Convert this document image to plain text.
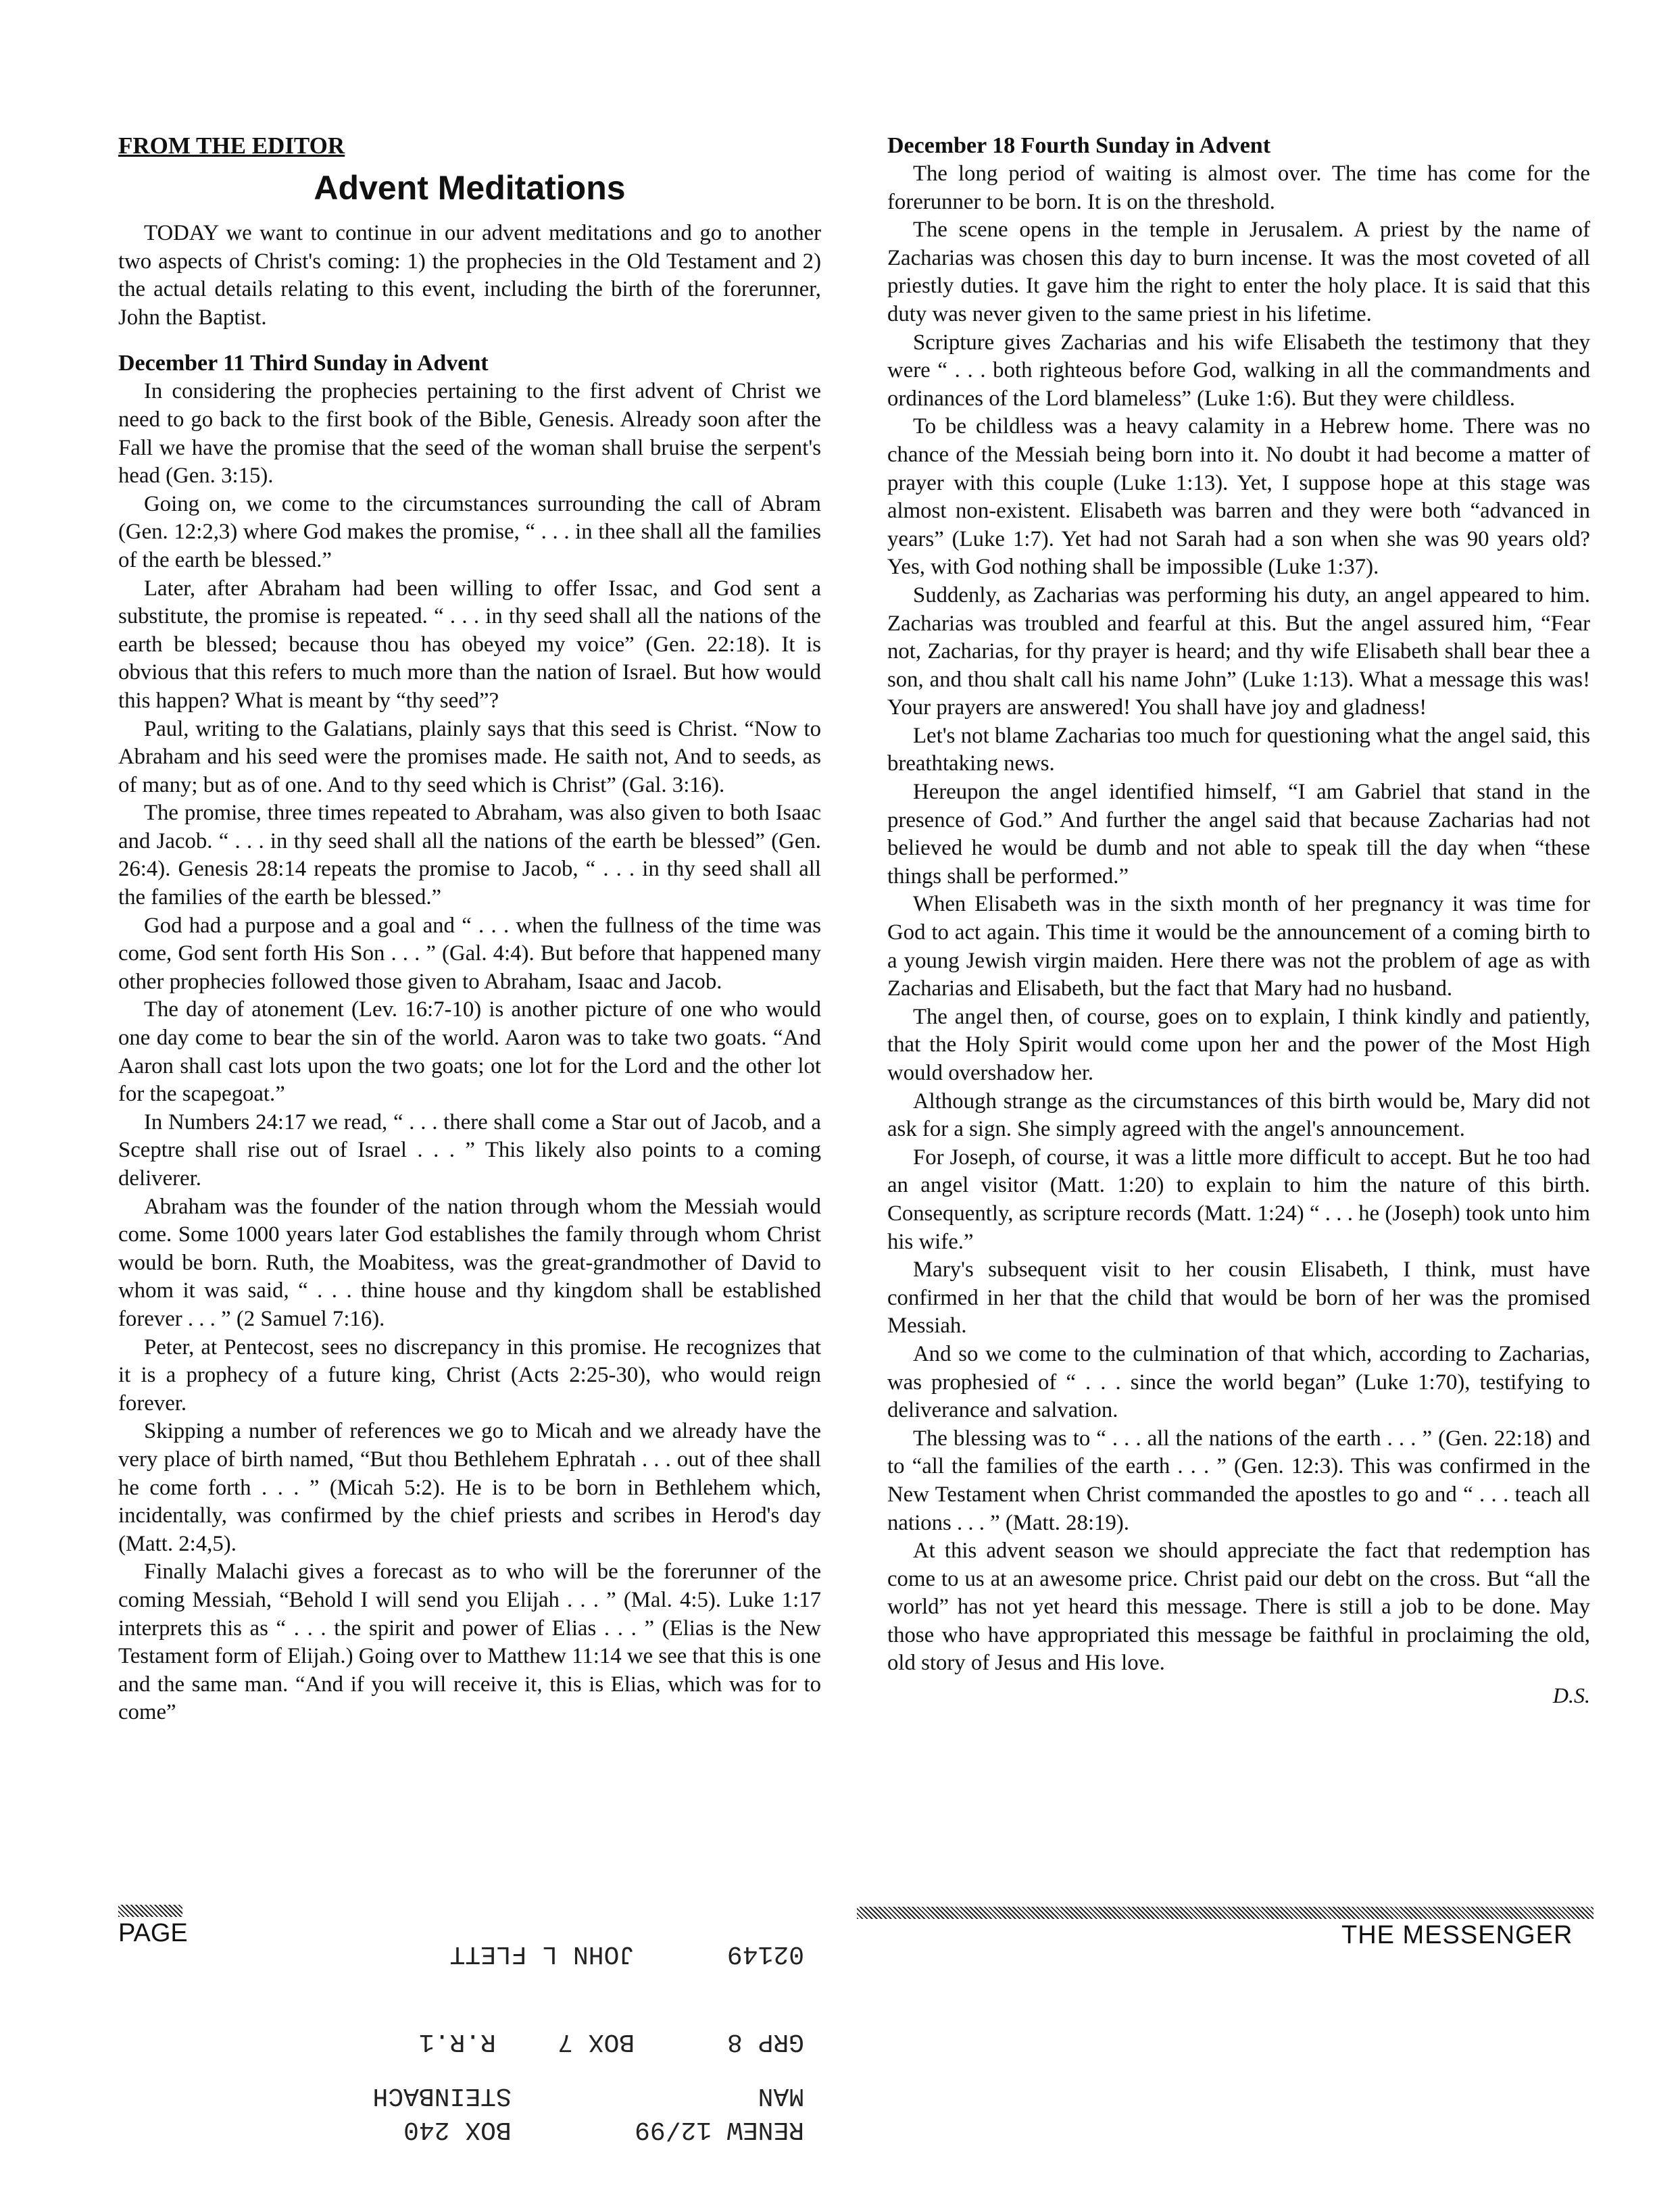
FROM THE EDITOR
Advent Meditations

TODAY we want to continue in our advent meditations and go to another two aspects of Christ's coming: 1) the prophecies in the Old Testament and 2) the actual details relating to this event, including the birth of the forerunner, John the Baptist.

December 11 Third Sunday in Advent

In considering the prophecies pertaining to the first advent of Christ we need to go back to the first book of the Bible, Genesis. Already soon after the Fall we have the promise that the seed of the woman shall bruise the serpent's head (Gen. 3:15).

Going on, we come to the circumstances surrounding the call of Abram (Gen. 12:2,3) where God makes the promise, “ . . . in thee shall all the families of the earth be blessed.”

Later, after Abraham had been willing to offer Issac, and God sent a substitute, the promise is repeated. “ . . . in thy seed shall all the nations of the earth be blessed; because thou has obeyed my voice” (Gen. 22:18). It is obvious that this refers to much more than the nation of Israel. But how would this happen? What is meant by “thy seed”?

Paul, writing to the Galatians, plainly says that this seed is Christ. “Now to Abraham and his seed were the promises made. He saith not, And to seeds, as of many; but as of one. And to thy seed which is Christ” (Gal. 3:16).

The promise, three times repeated to Abraham, was also given to both Isaac and Jacob. “ . . . in thy seed shall all the nations of the earth be blessed” (Gen. 26:4). Genesis 28:14 repeats the promise to Jacob, “ . . . in thy seed shall all the families of the earth be blessed.”

God had a purpose and a goal and “ . . . when the fullness of the time was come, God sent forth His Son . . . ” (Gal. 4:4). But before that happened many other prophecies followed those given to Abraham, Isaac and Jacob.

The day of atonement (Lev. 16:7-10) is another picture of one who would one day come to bear the sin of the world. Aaron was to take two goats. “And Aaron shall cast lots upon the two goats; one lot for the Lord and the other lot for the scapegoat.”

In Numbers 24:17 we read, “ . . . there shall come a Star out of Jacob, and a Sceptre shall rise out of Israel . . . ” This likely also points to a coming deliverer.

Abraham was the founder of the nation through whom the Messiah would come. Some 1000 years later God establishes the family through whom Christ would be born. Ruth, the Moabitess, was the great-grandmother of David to whom it was said, “ . . . thine house and thy kingdom shall be established forever . . . ” (2 Samuel 7:16).

Peter, at Pentecost, sees no discrepancy in this promise. He recognizes that it is a prophecy of a future king, Christ (Acts 2:25-30), who would reign forever.

Skipping a number of references we go to Micah and we already have the very place of birth named, “But thou Bethlehem Ephratah . . . out of thee shall he come forth . . . ” (Micah 5:2). He is to be born in Bethlehem which, incidentally, was confirmed by the chief priests and scribes in Herod's day (Matt. 2:4,5).

Finally Malachi gives a forecast as to who will be the forerunner of the coming Messiah, “Behold I will send you Elijah . . . ” (Mal. 4:5). Luke 1:17 interprets this as “ . . . the spirit and power of Elias . . . ” (Elias is the New Testament form of Elijah.) Going over to Matthew 11:14 we see that this is one and the same man. “And if you will receive it, this is Elias, which was for to come”

December 18 Fourth Sunday in Advent

The long period of waiting is almost over. The time has come for the forerunner to be born. It is on the threshold.

The scene opens in the temple in Jerusalem. A priest by the name of Zacharias was chosen this day to burn incense. It was the most coveted of all priestly duties. It gave him the right to enter the holy place. It is said that this duty was never given to the same priest in his lifetime.

Scripture gives Zacharias and his wife Elisabeth the testimony that they were “ . . . both righteous before God, walking in all the commandments and ordinances of the Lord blameless” (Luke 1:6). But they were childless.

To be childless was a heavy calamity in a Hebrew home. There was no chance of the Messiah being born into it. No doubt it had become a matter of prayer with this couple (Luke 1:13). Yet, I suppose hope at this stage was almost non-existent. Elisabeth was barren and they were both “advanced in years” (Luke 1:7). Yet had not Sarah had a son when she was 90 years old? Yes, with God nothing shall be impossible (Luke 1:37).

Suddenly, as Zacharias was performing his duty, an angel appeared to him. Zacharias was troubled and fearful at this. But the angel assured him, “Fear not, Zacharias, for thy prayer is heard; and thy wife Elisabeth shall bear thee a son, and thou shalt call his name John” (Luke 1:13). What a message this was! Your prayers are answered! You shall have joy and gladness!

Let's not blame Zacharias too much for questioning what the angel said, this breathtaking news.

Hereupon the angel identified himself, “I am Gabriel that stand in the presence of God.” And further the angel said that because Zacharias had not believed he would be dumb and not able to speak till the day when “these things shall be performed.”

When Elisabeth was in the sixth month of her pregnancy it was time for God to act again. This time it would be the announcement of a coming birth to a young Jewish virgin maiden. Here there was not the problem of age as with Zacharias and Elisabeth, but the fact that Mary had no husband.

The angel then, of course, goes on to explain, I think kindly and patiently, that the Holy Spirit would come upon her and the power of the Most High would overshadow her.

Although strange as the circumstances of this birth would be, Mary did not ask for a sign. She simply agreed with the angel's announcement.

For Joseph, of course, it was a little more difficult to accept. But he too had an angel visitor (Matt. 1:20) to explain to him the nature of this birth. Consequently, as scripture records (Matt. 1:24) “ . . . he (Joseph) took unto him his wife.”

Mary's subsequent visit to her cousin Elisabeth, I think, must have confirmed in her that the child that would be born of her was the promised Messiah.

And so we come to the culmination of that which, according to Zacharias, was prophesied of “ . . . since the world began” (Luke 1:70), testifying to deliverance and salvation.

The blessing was to “ . . . all the nations of the earth . . . ” (Gen. 22:18) and to “all the families of the earth . . . ” (Gen. 12:3). This was confirmed in the New Testament when Christ commanded the apostles to go and “ . . . teach all nations . . . ” (Matt. 28:19).

At this advent season we should appreciate the fact that redemption has come to us at an awesome price. Christ paid our debt on the cross. But “all the world” has not yet heard this message. There is still a job to be done. May those who have appropriated this message be faithful in proclaiming the old, old story of Jesus and His love.

D.S.
PAGE	THE MESSENGER
RENEW 12/99        BOX 240
MAN                STEINBACH
GRP 8      BOX 7    R.R.1
02149      JOHN L FLETT
